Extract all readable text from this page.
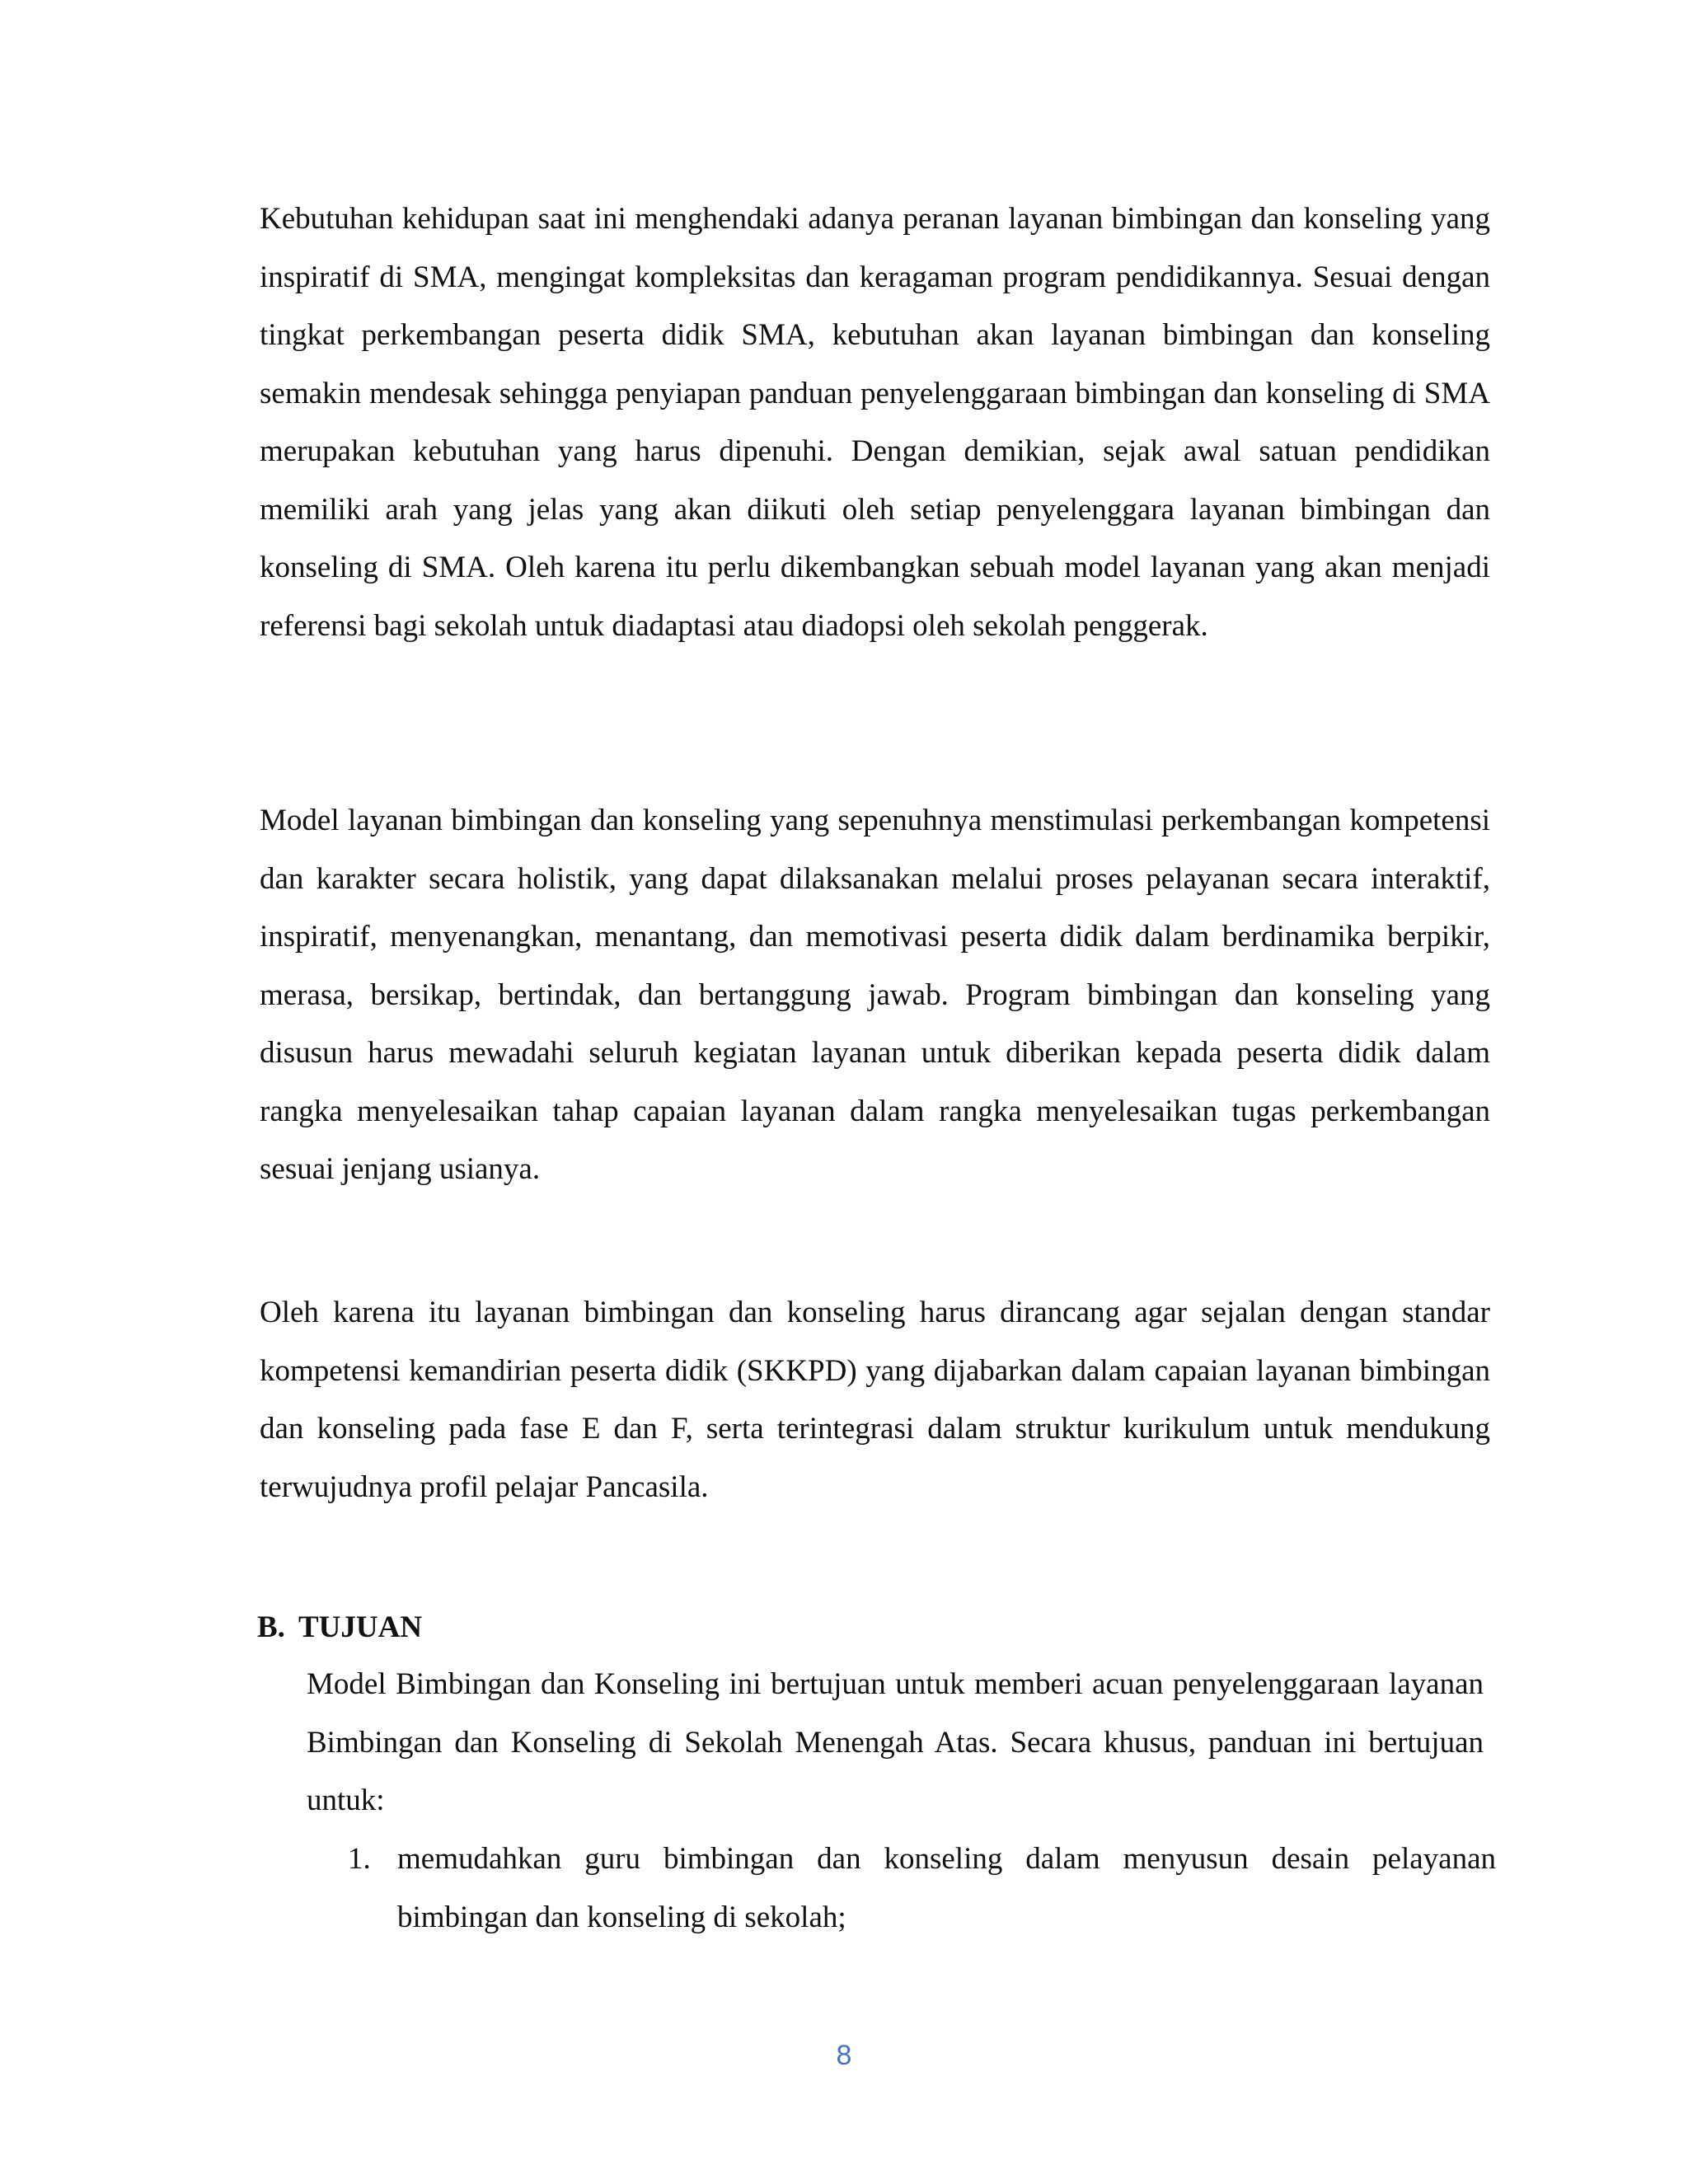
Kebutuhan kehidupan saat ini menghendaki adanya peranan layanan bimbingan dan konseling yang inspiratif di SMA, mengingat kompleksitas dan keragaman program pendidikannya. Sesuai dengan tingkat perkembangan peserta didik SMA, kebutuhan akan layanan bimbingan dan konseling semakin mendesak sehingga penyiapan panduan penyelenggaraan bimbingan dan konseling di SMA merupakan kebutuhan yang harus dipenuhi. Dengan demikian, sejak awal satuan pendidikan memiliki arah yang jelas yang akan diikuti oleh setiap penyelenggara layanan bimbingan dan konseling di SMA. Oleh karena itu perlu dikembangkan sebuah model layanan yang akan menjadi referensi bagi sekolah untuk diadaptasi atau diadopsi oleh sekolah penggerak.

Model layanan bimbingan dan konseling yang sepenuhnya menstimulasi perkembangan kompetensi dan karakter secara holistik, yang dapat dilaksanakan melalui proses pelayanan secara interaktif, inspiratif, menyenangkan, menantang, dan memotivasi peserta didik dalam berdinamika berpikir, merasa, bersikap, bertindak, dan bertanggung jawab. Program bimbingan dan konseling yang disusun harus mewadahi seluruh kegiatan layanan untuk diberikan kepada peserta didik dalam rangka menyelesaikan tahap capaian layanan dalam rangka menyelesaikan tugas perkembangan sesuai jenjang usianya.

Oleh karena itu layanan bimbingan dan konseling harus dirancang agar sejalan dengan standar kompetensi kemandirian peserta didik (SKKPD) yang dijabarkan dalam capaian layanan bimbingan dan konseling pada fase E dan F, serta terintegrasi dalam struktur kurikulum untuk mendukung terwujudnya profil pelajar Pancasila.

B. TUJUAN

Model Bimbingan dan Konseling ini bertujuan untuk memberi acuan penyelenggaraan layanan Bimbingan dan Konseling di Sekolah Menengah Atas. Secara khusus, panduan ini bertujuan untuk:

1. memudahkan guru bimbingan dan konseling dalam menyusun desain pelayanan bimbingan dan konseling di sekolah;
8
